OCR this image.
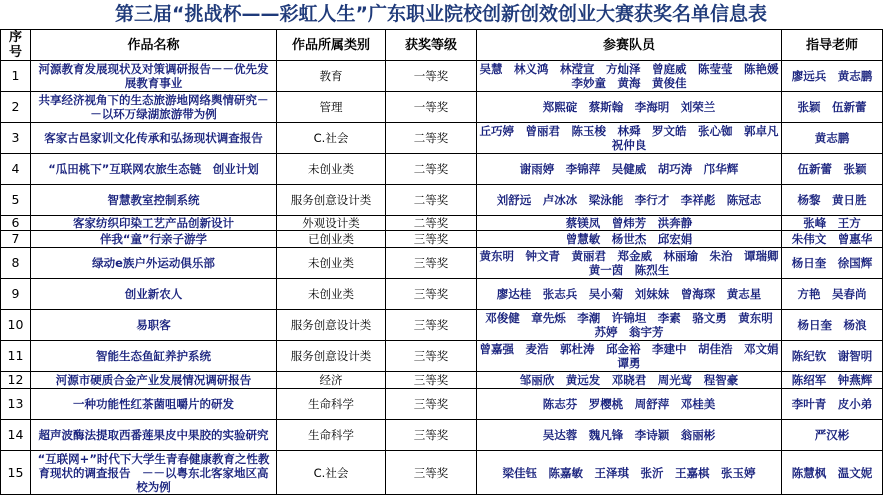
第三届“挑战杯——彩虹人生”广东职业院校创新创效创业大赛获奖名单信息表
序号	作品名称	作品所属类别	获奖等级	参赛队员	指导老师
1	河源教育发展现状及对策调研报告－－优先发展教育事业	教育	一等奖	吴慧　林义鸿　林滢宣　方灿泽　曾庭威　陈莹莹　陈艳媛　李妙童　黄海　黄俊佳	廖远兵　黄志鹏
2	共享经济视角下的生态旅游地网络舆情研究－－以环万绿湖旅游带为例	管理	一等奖	郑熙碇　蔡斯翰　李海明　刘荣兰	张颖　伍新蕾
3	客家古邑家训文化传承和弘扬现状调查报告	C.社会	二等奖	丘巧婷　曾丽君　陈玉梭　林舜　罗文皓　张心铷　郭卓凡　祝仲良	黄志鹏
4	“瓜田桃下”互联网农旅生态链　创业计划	未创业类	二等奖	谢雨婷　李锦萍　吴健威　胡巧涛　邝华辉	伍新蕾　张颖
5	智慧教室控制系统	服务创意设计类	二等奖	刘舒远　卢冰冰　梁泳能　李行才　李祥彪　陈冠志	杨黎　黄日胜
6	客家纺织印染工艺产品创新设计	外观设计类	二等奖	蔡镁凤　曾炜芳　洪奔静	张峰　王方
7	伴我“童”行亲子游学	已创业类	三等奖	曾慧敏　杨世杰　邱宏娟	朱伟文　曾惠华
8	绿动e族户外运动俱乐部	未创业类	三等奖	黄东明　钟文青　黄丽君　郑金威　林丽瑜　朱治　谭瑞卿　黄一茵　陈烈生	杨日奎　徐国辉
9	创业新农人	未创业类	三等奖	廖达桂　张志兵　吴小菊　刘妹妹　曾海琛　黄志星	方艳　吴春尚
10	易职客	服务创意设计类	三等奖	邓俊健　章先烁　李潮　许锦坦　李素　骆文勇　黄东明　苏婷　翁宇芳	杨日奎　杨浪
11	智能生态鱼缸养护系统	服务创意设计类	三等奖	曾嘉强　麦浩　郭杜涛　邱金裕　李建中　胡佳浩　邓文娟　谭勇	陈纪钦　谢智明
12	河源市硬质合金产业发展情况调研报告	经济	三等奖	邹丽欣　黄远发　邓晓君　周光莺　程智豪	陈绍军　钟燕辉
13	一种功能性红茶菌咀嚼片的研发	生命科学	三等奖	陈志芬　罗樱桃　周舒萍　邓桂美	李叶青　皮小弟
14	超声波酶法提取西番莲果皮中果胶的实验研究	生命科学	三等奖	吴达蓉　魏凡锋　李诗颖　翁丽彬	严汉彬
15	“互联网+”时代下大学生青春健康教育之性教育现状的调查报告　－－以粤东北客家地区高校为例	C.社会	三等奖	梁佳钰　陈嘉敏　王泽琪　张沂　王嘉棋　张玉婷	陈慧枫　温文妮
